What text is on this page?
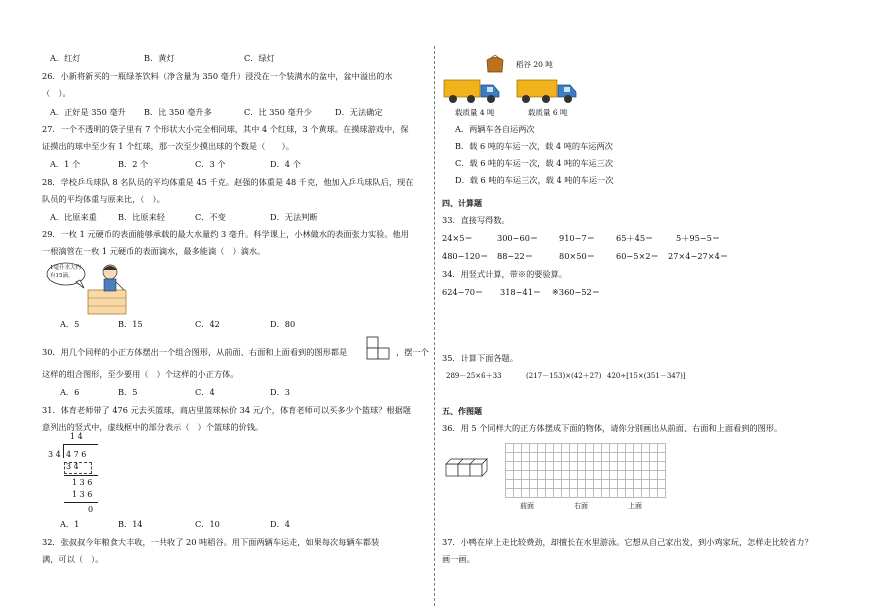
A．红灯	B．黄灯	C．绿灯
26．小新将新买的一瓶绿茶饮料（净含量为 350 毫升）浸没在一个装满水的盆中，盆中溢出的水
（　）。
A．正好是 350 毫升 B．比 350 毫升多	C．比 350 毫升少	D．无法确定
27．一个不透明的袋子里有 7 个形状大小完全相同球，其中 4 个红球，3 个黄球。在摸球游戏中，保
证摸出的球中至少有 1 个红球，那一次至少摸出球的个数是（　　）。
A．1 个	B．2 个	C．3 个	D．4 个
28．学校乒乓球队 8 名队员的平均体重是 45 千克。赵强的体重是 48 千克，他加入乒乓球队后，现在
队员的平均体重与原来比，（　）。
A．比原来重	B．比原来轻	C．不变	D．无法判断
29．一枚 1 元硬币的表面能够承载的最大水量约 3 毫升。科学课上，小林做水的表面张力实验。他用
一根滴管在一枚 1 元硬币的表面滴水，最多能滴（　）滴水。
1毫升水大约
有15滴。
A．5	B．15	C．42	D．80
30．用几个同样的小正方体摆出一个组合图形，从前面、右面和上面看到的图形都是	，摆一个
这样的组合图形，至少要用（　）个这样的小正方体。
A．6	B．5	C．4	D．3
31．体育老师带了 476 元去买篮球，商店里篮球标价 34 元/个，体育老师可以买多少个篮球？根据题
意列出的竖式中，虚线框中的部分表示（　）个篮球的价钱。
1 4
3 4 4 7 6
3 4
1 3 6
1 3 6
0
A．1	B．14	C．10	D．4
32．张叔叔今年粮食大丰收，一共收了 20 吨稻谷。用下面两辆车运走，如果每次每辆车都装
满，可以（　）。
稻谷 20 吨
载质量 4 吨	载质量 6 吨
A．两辆车各自运两次
B．载 6 吨的车运一次，载 4 吨的车运两次
C．载 6 吨的车运一次，载 4 吨的车运三次
D．载 6 吨的车运三次，载 4 吨的车运一次
四、计算题
33．直接写得数。
24×5＝	300−60＝	910−7＝	65＋45＝	5＋95−5＝
480−120＝ 88−22＝	80×50＝	60−5×2＝ 27×4−27×4＝
34．用竖式计算，带※的要验算。
624−70＝ 318−41＝ ※360−52＝
35．计算下面各题。
289－25×6＋33	(217－153)×(42＋27) 420÷[15×(351－347)]
五、作图题
36．用 5 个同样大的正方体摆成下面的物体，请你分别画出从前面、右面和上面看到的图形。
前面	右面	上面
37．小鸭在岸上走比较费劲，却擅长在水里游泳。它想从自己家出发，到小鸡家玩，怎样走比较省力？
画一画。
